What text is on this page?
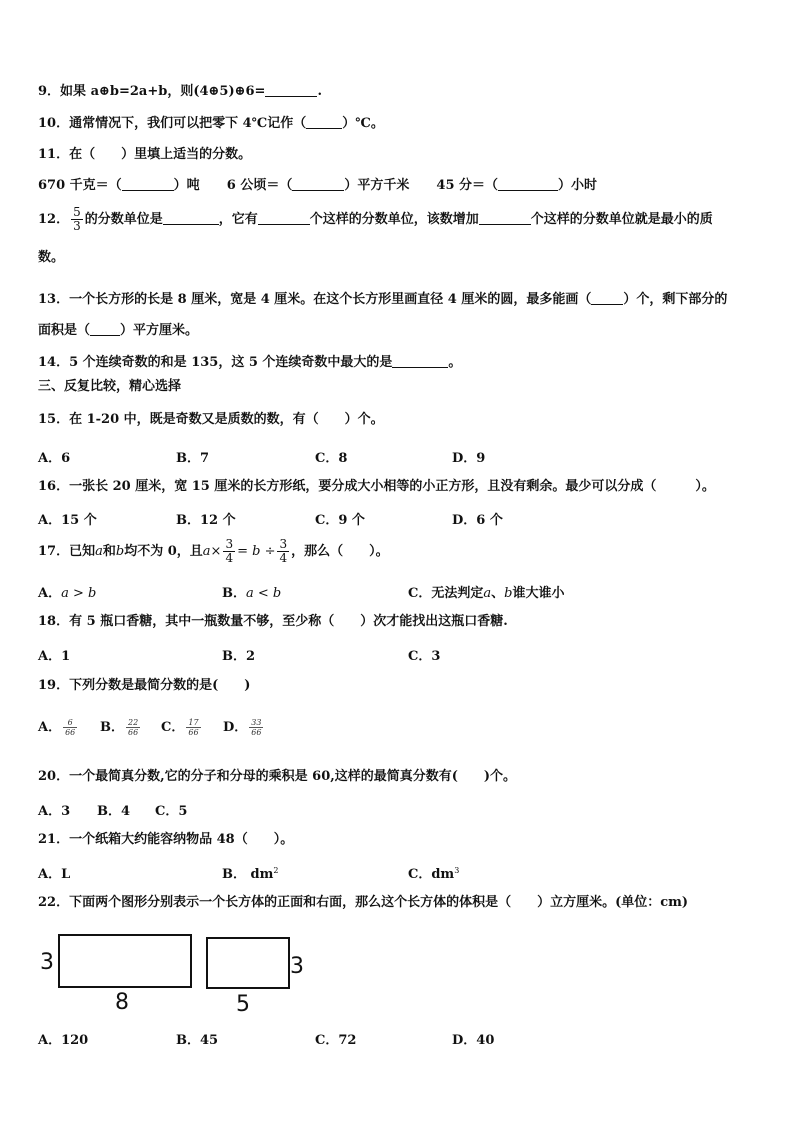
9．如果 a⊕b=2a+b，则(4⊕5)⊕6=	.
10．通常情况下，我们可以把零下 4℃记作（	）℃。
11．在（　　）里填上适当的分数。
670 千克＝（	）吨 6 公顷＝（	）平方千米 45 分＝（	）小时
12． $\frac{5}{3}$ 的分数单位是	，它有	个这样的分数单位，该数增加	个这样的分数单位就是最小的质
数。
13．一个长方形的长是 8 厘米，宽是 4 厘米。在这个长方形里画直径 4 厘米的圆，最多能画（ ）个，剩下部分的
面积是（ ）平方厘米。
14．5 个连续奇数的和是 135，这 5 个连续奇数中最大的是	。
三、反复比较，精心选择
15．在 1-20 中，既是奇数又是质数的数，有（　　）个。
A．6	B．7	C．8	D．9
16．一张长 20 厘米，宽 15 厘米的长方形纸，要分成大小相等的小正方形，且没有剩余。最少可以分成（　　　）。
A．15 个	B．12 个	C．9 个	D．6 个
17．已知a和b均不为 0，且$a\times \frac{3}{4} = b \div \frac{3}{4}$ ，那么（　　）。
A．a > b	B．a < b	C．无法判定a、b谁大谁小
18．有 5 瓶口香糖，其中一瓶数量不够，至少称（　　）次才能找出这瓶口香糖.
A．1	B．2	C．3
19．下列分数是最简分数的是(　　)
A． $\frac{6}{66}$ B． $\frac{22}{66}$ C． $\frac{17}{66}$ D． $\frac{33}{66}$
20．一个最简真分数,它的分子和分母的乘积是 60,这样的最简真分数有(　　)个。
A．3 B．4 C．5
21．一个纸箱大约能容纳物品 48（　　）。
A．L	B． $dm^2$	C．$dm^3$
22．下面两个图形分别表示一个长方体的正面和右面，那么这个长方体的体积是（　　）立方厘米。(单位：cm)
3
8
3
5
A．120	B．45	C．72	D．40
